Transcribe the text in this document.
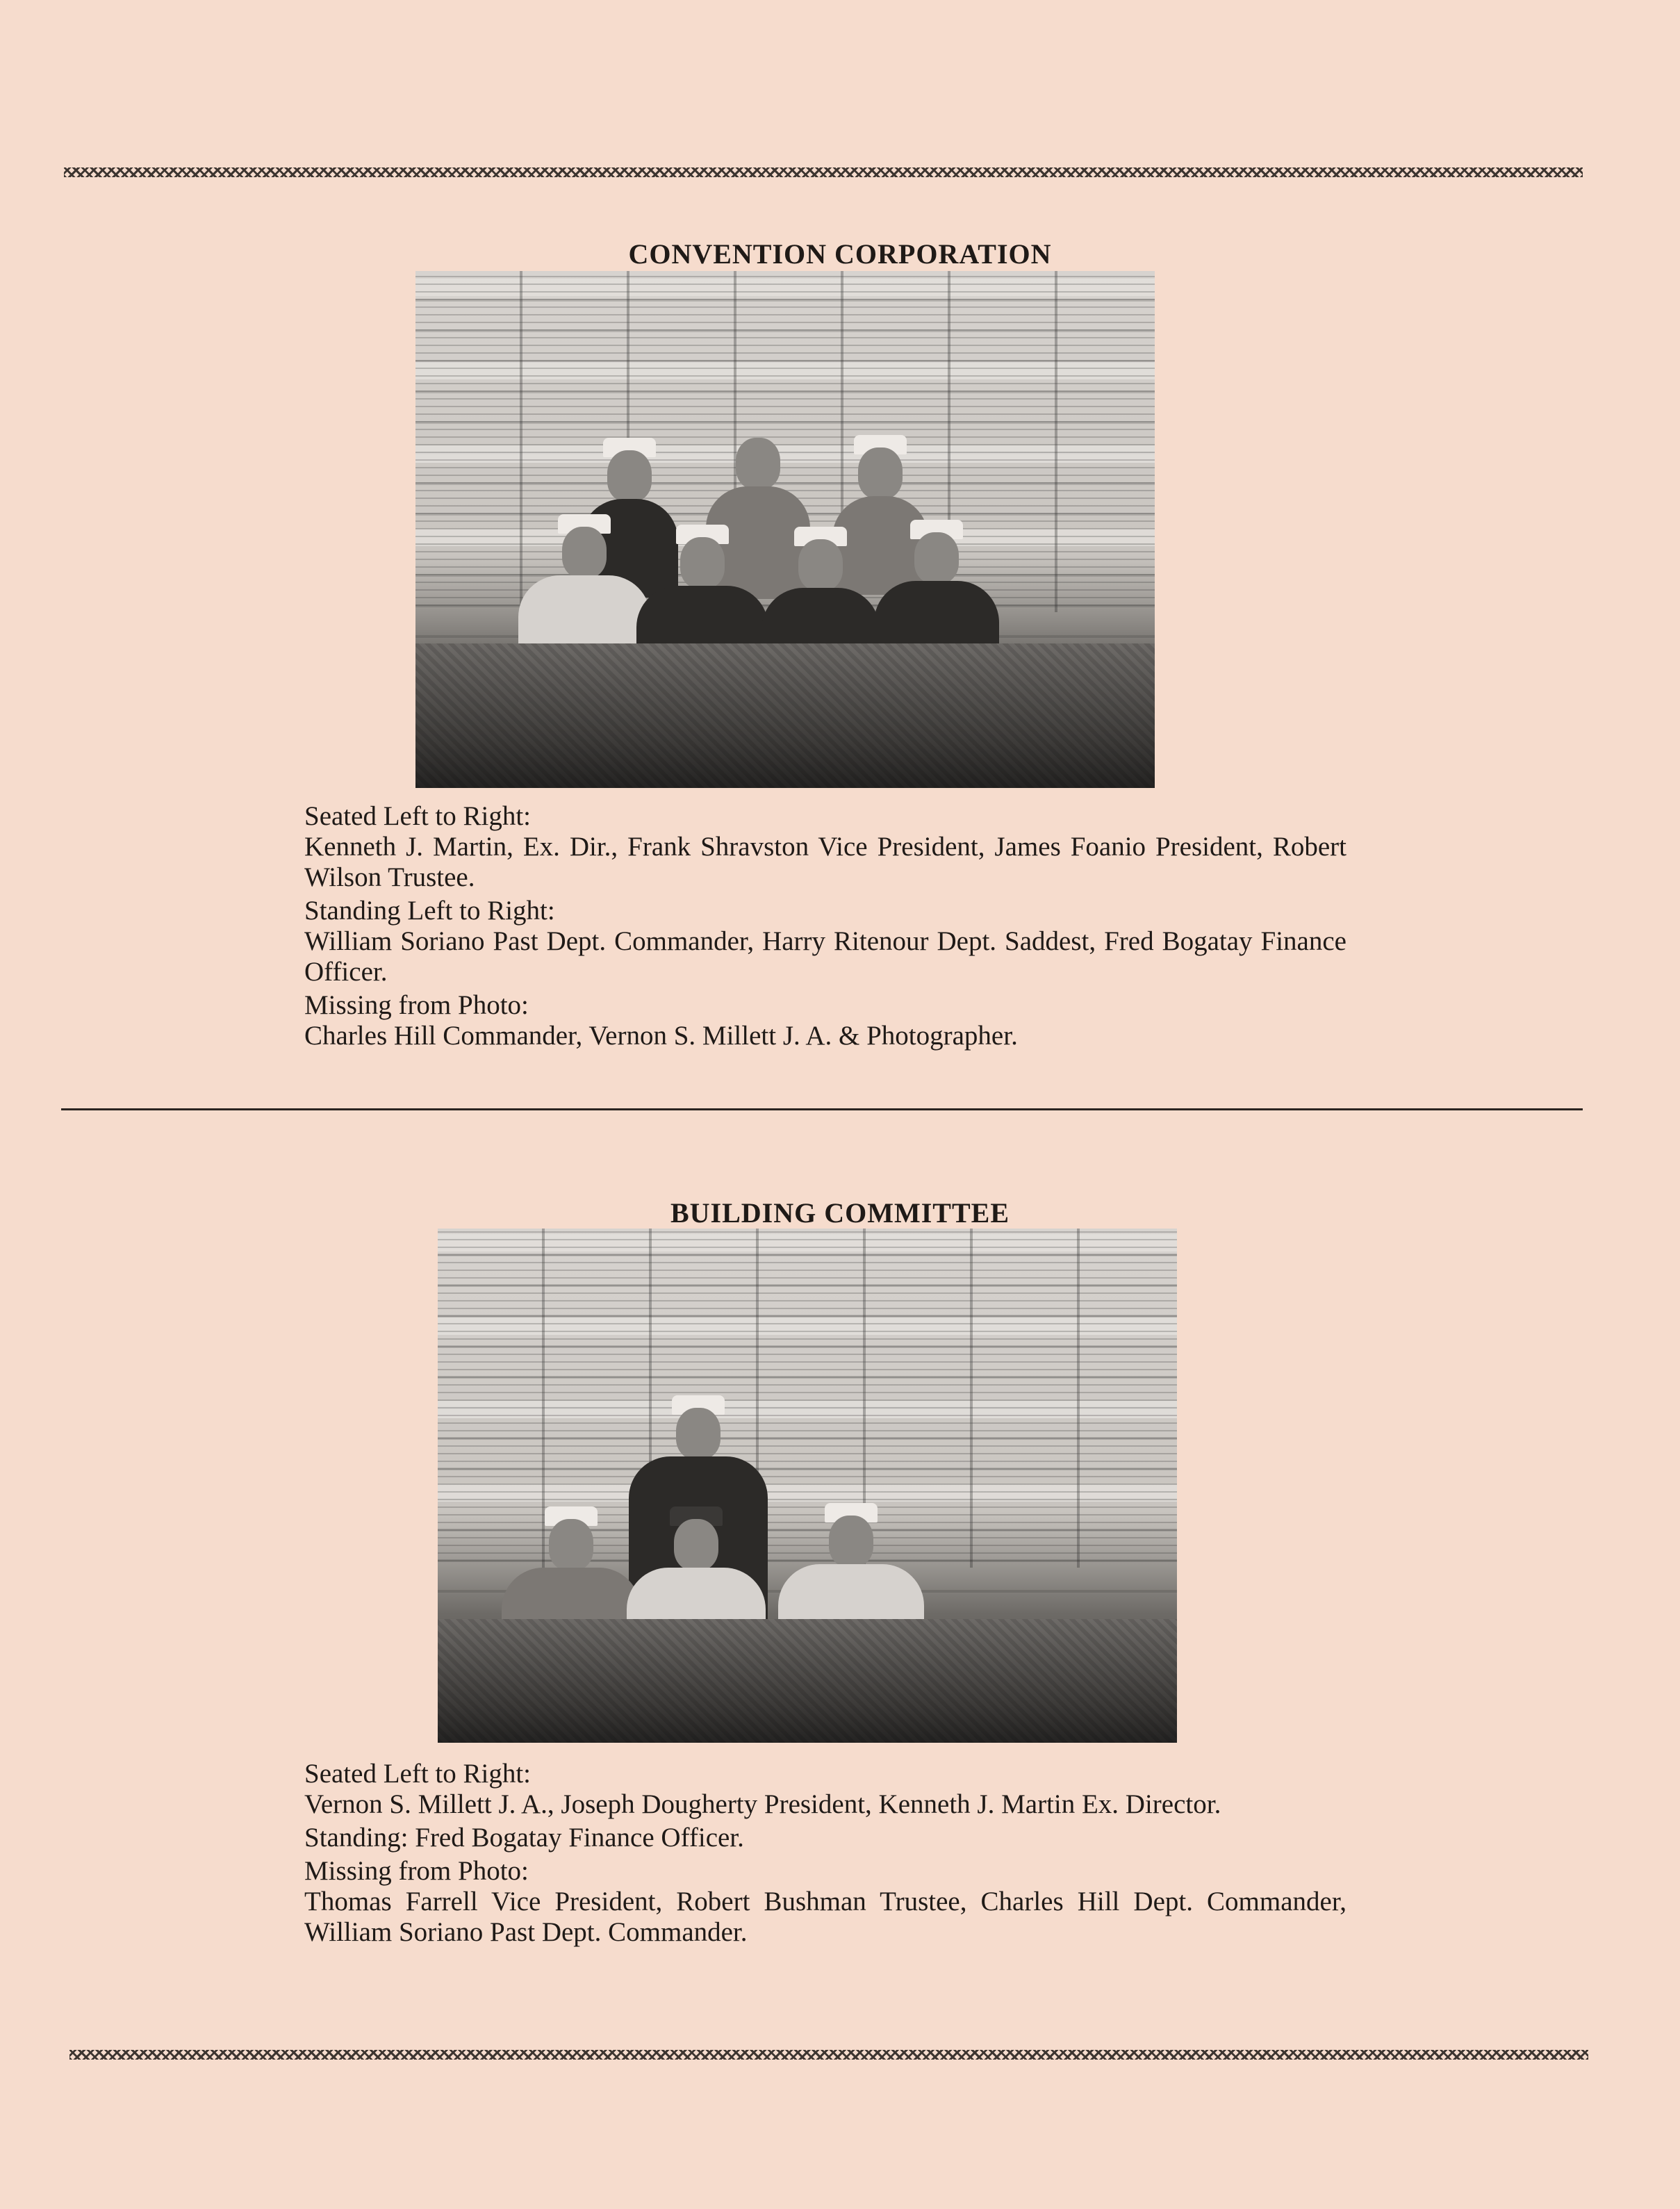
CONVENTION CORPORATION

Seated Left to Right:

Kenneth J. Martin, Ex. Dir., Frank Shravston Vice President, James Foanio President, Robert Wilson Trustee.

Standing Left to Right:

William Soriano Past Dept. Commander, Harry Ritenour Dept. Saddest, Fred Bogatay Finance Officer.

Missing from Photo:

Charles Hill Commander, Vernon S. Millett J. A. & Photographer.

BUILDING COMMITTEE

Seated Left to Right:

Vernon S. Millett J. A., Joseph Dougherty President, Kenneth J. Martin Ex. Director.

Standing: Fred Bogatay Finance Officer.

Missing from Photo:

Thomas Farrell Vice President, Robert Bushman Trustee, Charles Hill Dept. Commander, William Soriano Past Dept. Commander.
